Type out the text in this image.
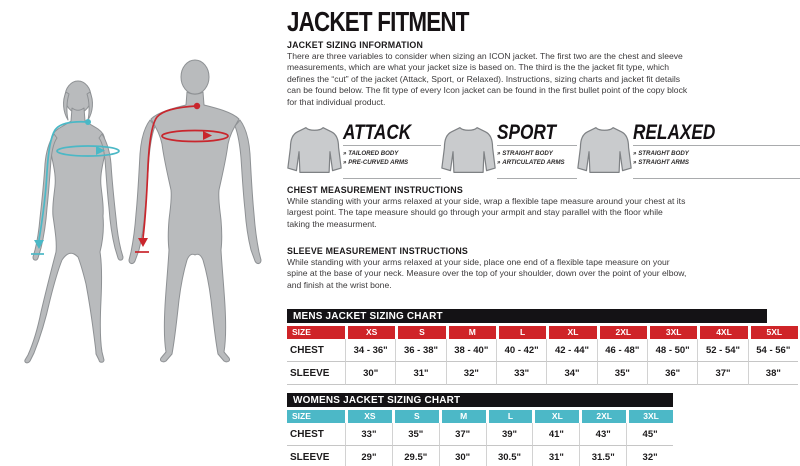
JACKET FITMENT
JACKET SIZING INFORMATION
There are three variables to consider when sizing an ICON jacket. The first two are the chest and sleeve measurements, which are what your jacket size is based on. The third is the the jacket fit type, which defines the “cut” of the jacket (Attack, Sport, or Relaxed). Instructions, sizing charts and jacket fit details can be found below. The fit type of every Icon jacket can be found in the first bullet point of the copy block for that individual product.
ATTACK
» TAILORED BODY
» PRE-CURVED ARMS
SPORT
» STRAIGHT BODY
» ARTICULATED ARMS
RELAXED
» STRAIGHT BODY
» STRAIGHT ARMS
CHEST MEASUREMENT INSTRUCTIONS
While standing with your arms relaxed at your side, wrap a flexible tape measure around your chest at its largest point. The tape measure should go through your armpit and stay parallel with the floor while taking the measurment.
SLEEVE MEASUREMENT INSTRUCTIONS
While standing with your arms relaxed at your side, place one end of a flexible tape measure on your spine at the base of your neck. Measure over the top of your shoulder, down over the point of your elbow, and finish at the wrist bone.
MENS JACKET SIZING CHART
SIZE	XS	S	M	L	XL	2XL	3XL	4XL	5XL
CHEST	34 - 36"	36 - 38"	38 - 40"	40 - 42"	42 - 44"	46 - 48"	48 - 50"	52 - 54"	54 - 56"
SLEEVE	30"	31"	32"	33"	34"	35"	36"	37"	38"
WOMENS JACKET SIZING CHART
SIZE	XS	S	M	L	XL	2XL	3XL
CHEST	33"	35"	37"	39"	41"	43"	45"
SLEEVE	29"	29.5"	30"	30.5"	31"	31.5"	32"
